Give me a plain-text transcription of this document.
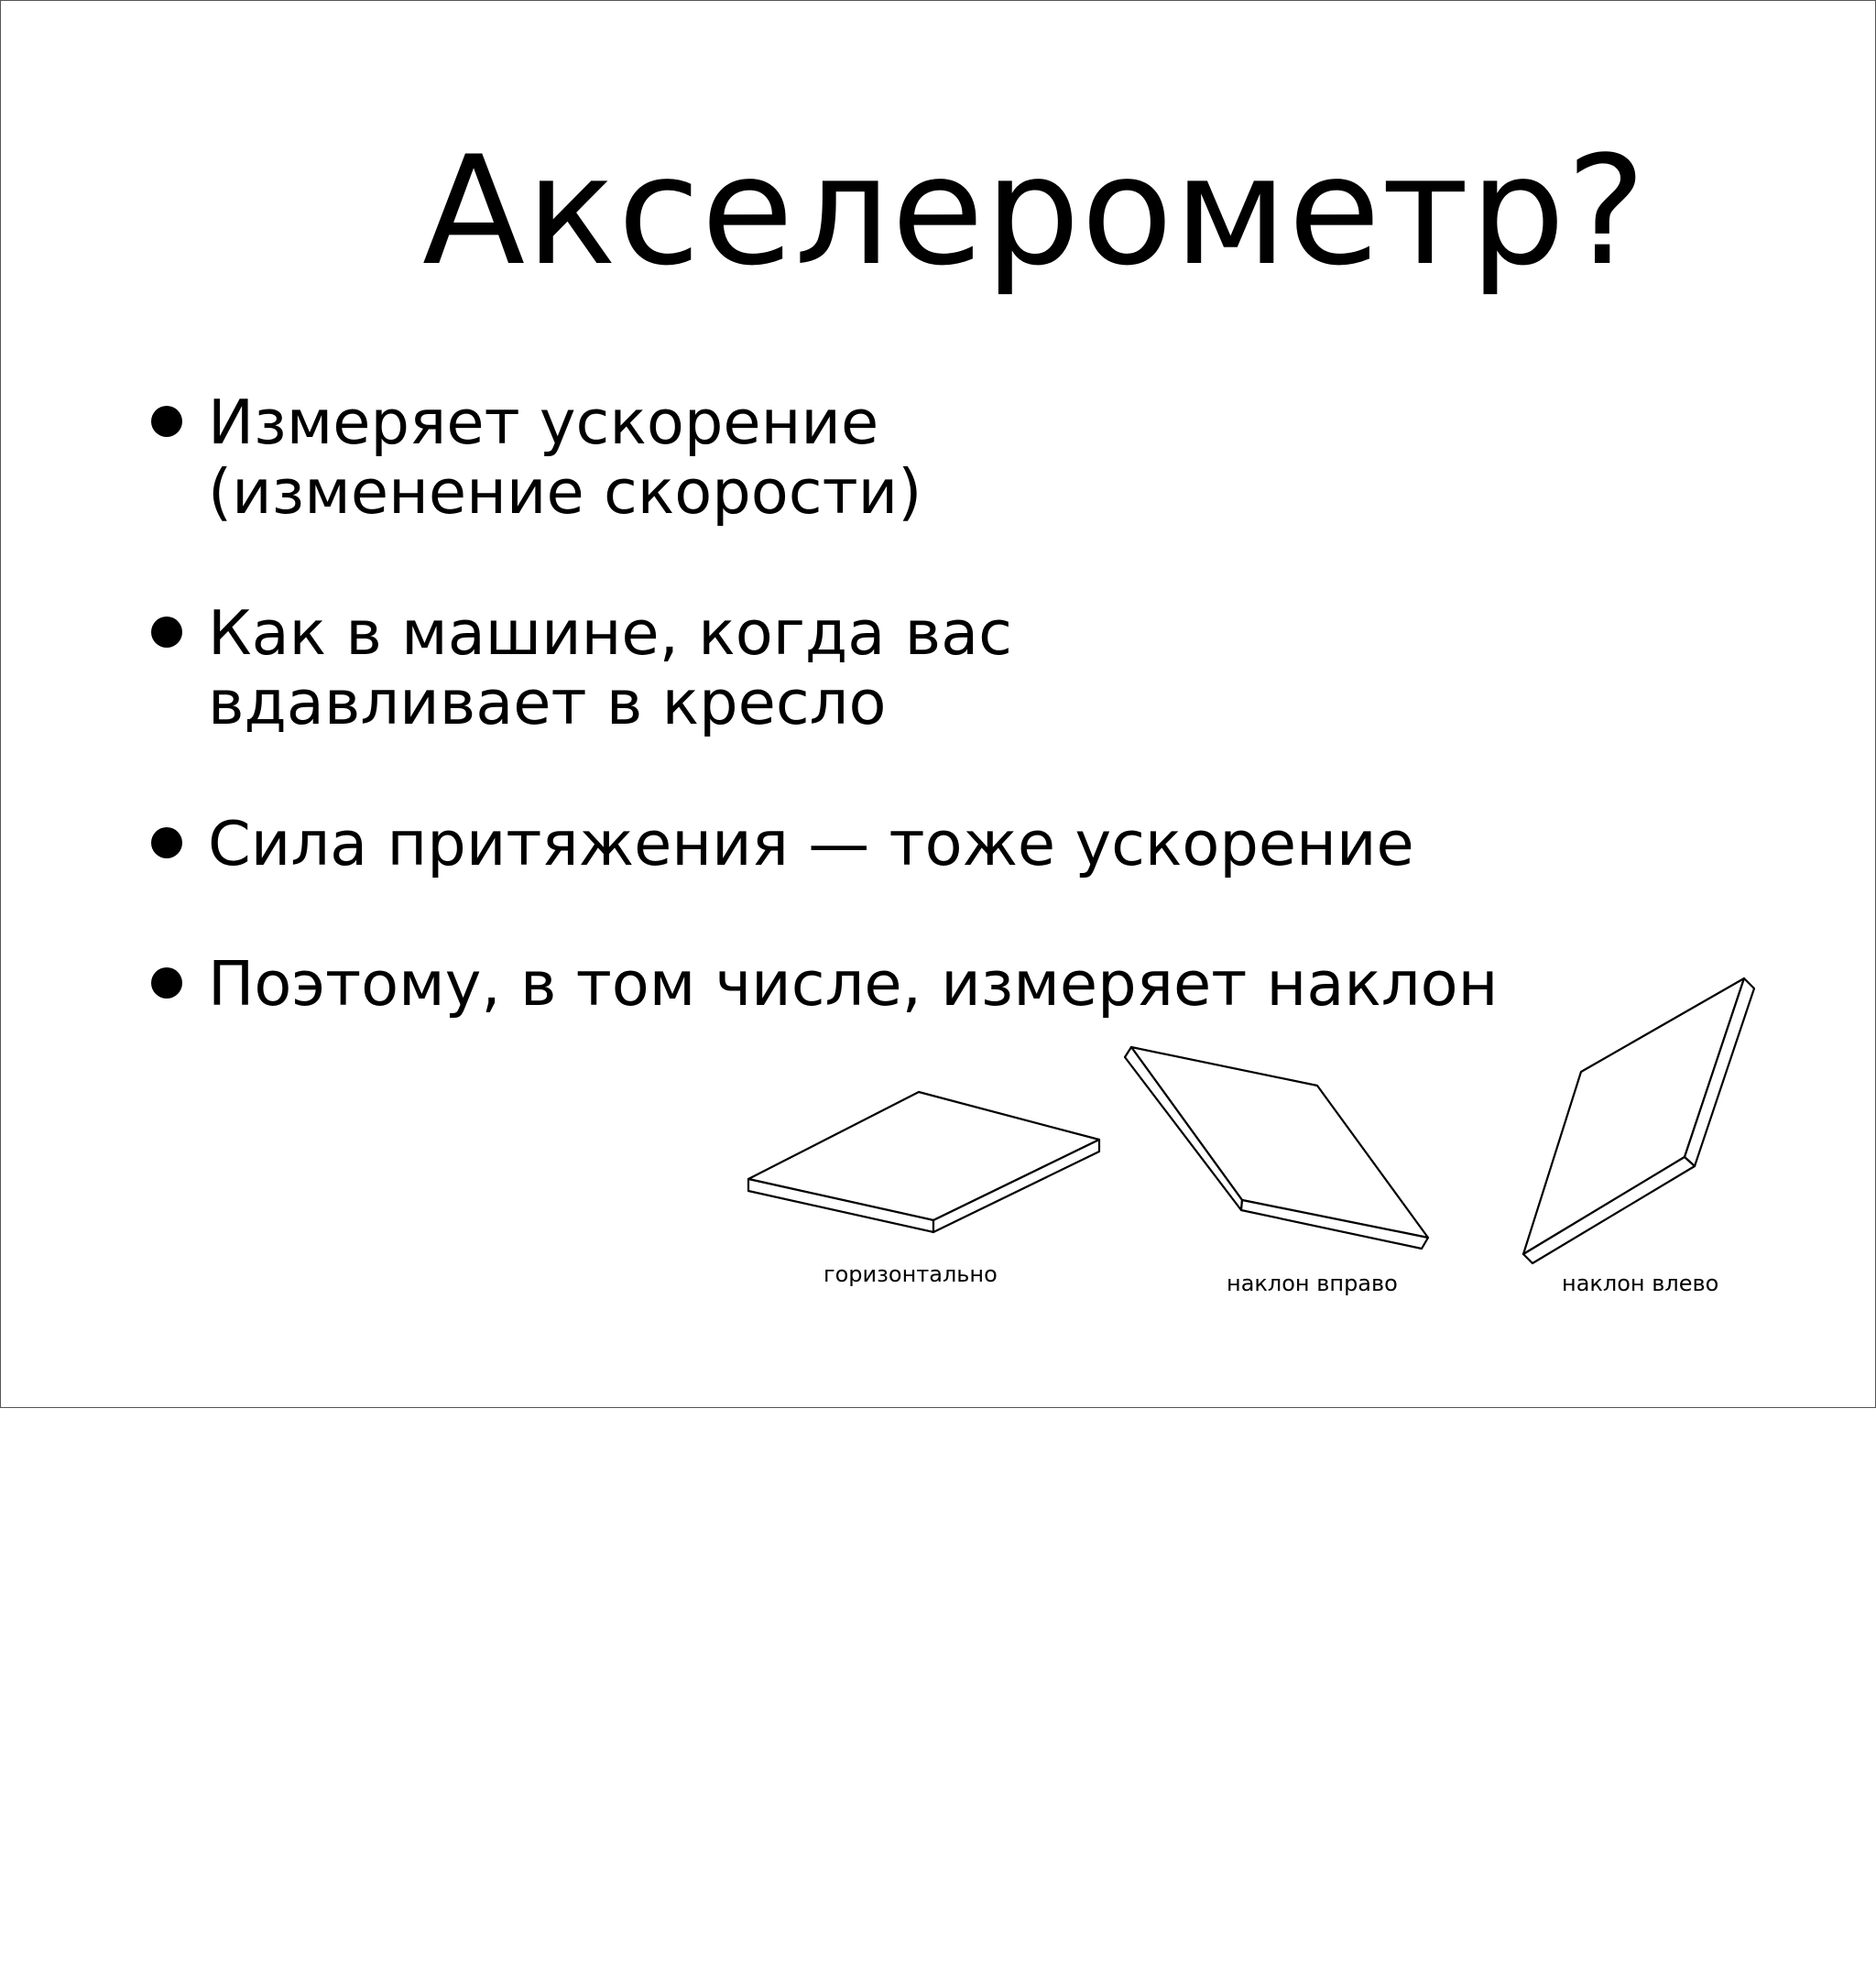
Акселерометр?
Измеряет ускорение
(изменение скорости)
Как в машине, когда вас
вдавливает в кресло
Сила притяжения — тоже ускорение
Поэтому, в том числе, измеряет наклон
горизонтально	наклон вправо	наклон влево
